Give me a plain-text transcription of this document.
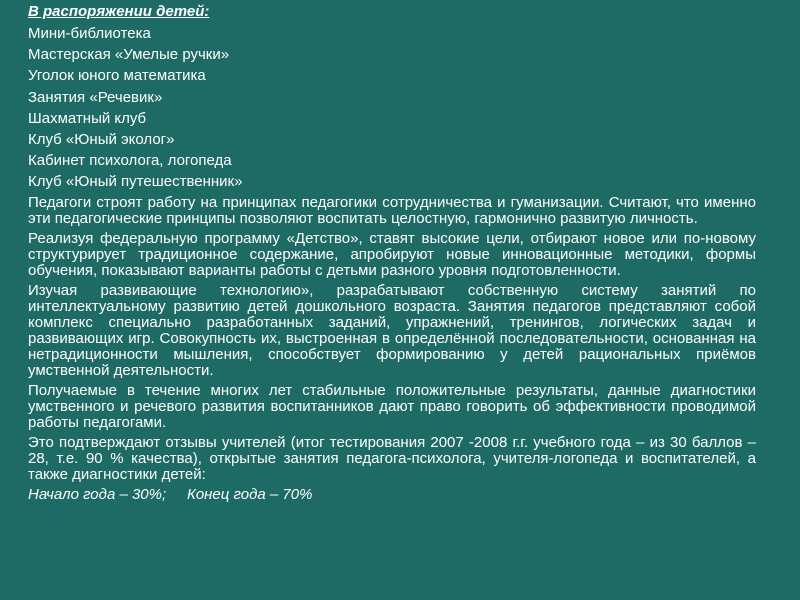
В распоряжении детей:
Мини-библиотека
Мастерская «Умелые ручки»
Уголок юного математика
Занятия «Речевик»
Шахматный клуб
Клуб «Юный эколог»
Кабинет психолога, логопеда
Клуб «Юный путешественник»

Педагоги строят работу на принципах педагогики сотрудничества и гуманизации. Считают, что именно эти педагогические принципы позволяют воспитать целостную, гармонично развитую личность.

Реализуя федеральную программу «Детство», ставят высокие цели, отбирают новое или по-новому структурирует традиционное содержание, апробируют новые инновационные методики, формы обучения, показывают варианты работы с детьми разного уровня подготовленности.

Изучая развивающие технологию», разрабатывают собственную систему занятий по интеллектуальному развитию детей дошкольного возраста. Занятия педагогов представляют собой комплекс специально разработанных заданий, упражнений, тренингов, логических задач и развивающих игр. Совокупность их, выстроенная в определённой последовательности, основанная на нетрадиционности мышления, способствует формированию у детей рациональных приёмов умственной деятельности.

Получаемые в течение многих лет стабильные положительные результаты, данные диагностики умственного и речевого развития воспитанников дают право говорить об эффективности проводимой работы педагогами.

Это подтверждают отзывы учителей (итог тестирования 2007 -2008 г.г. учебного года – из 30 баллов – 28, т.е. 90 % качества), открытые занятия педагога-психолога, учителя-логопеда и воспитателей, а также диагностики детей:

Начало года – 30%; Конец года – 70%
